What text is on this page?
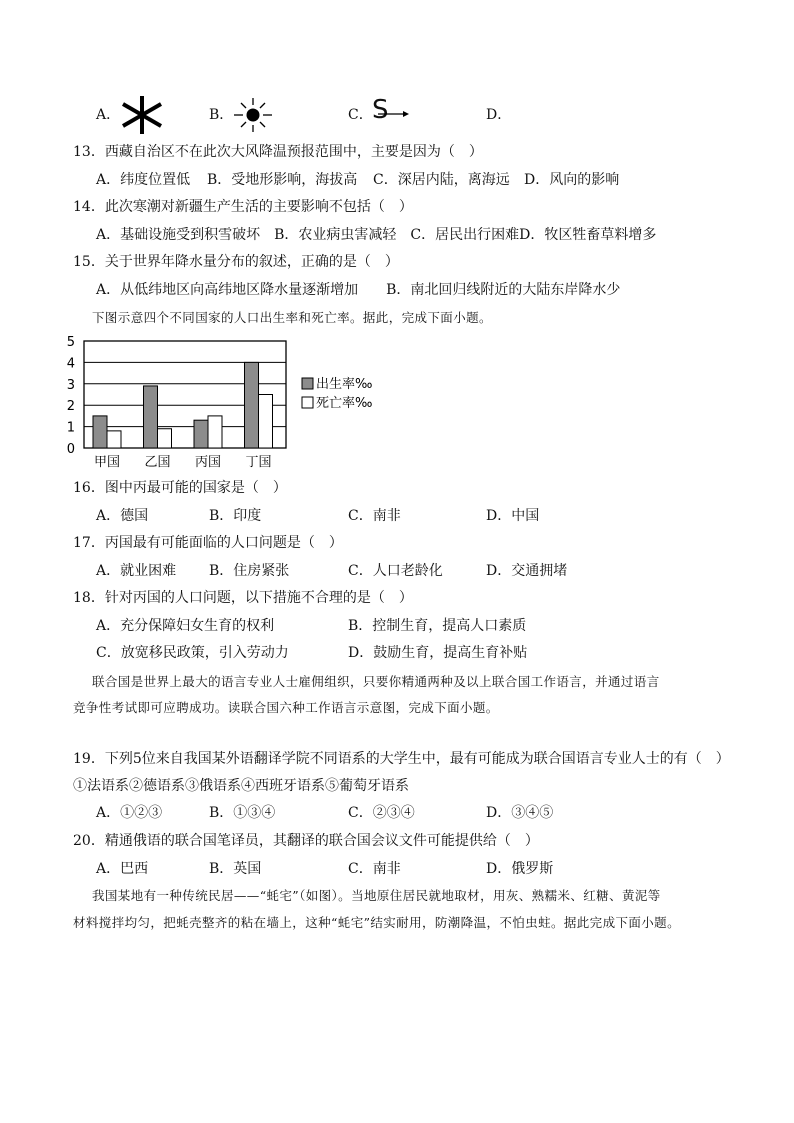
A．	B．	C． S	D．
13．西藏自治区不在此次大风降温预报范围中，主要是因为（　）
A．纬度位置低 B．受地形影响，海拔高 C．深居内陆，离海远 D．风向的影响
14．此次寒潮对新疆生产生活的主要影响不包括（　）
A．基础设施受到积雪破坏　B．农业病虫害减轻　C．居民出行困难D．牧区牲畜草料增多
15．关于世界年降水量分布的叙述，正确的是（　）
A．从低纬地区向高纬地区降水量逐渐增加　　B．南北回归线附近的大陆东岸降水少
下图示意四个不同国家的人口出生率和死亡率。据此，完成下面小题。
0
1
2
3
4
5
甲国 乙国 丙国 丁国
出生率‰
死亡率‰
16．图中丙最可能的国家是（　）
A．德国	B．印度	C．南非	D．中国
17．丙国最有可能面临的人口问题是（　）
A．就业困难 B．住房紧张	C．人口老龄化	D．交通拥堵
18．针对丙国的人口问题，以下措施不合理的是（　）
A．充分保障妇女生育的权利	B．控制生育，提高人口素质
C．放宽移民政策，引入劳动力	D．鼓励生育，提高生育补贴
联合国是世界上最大的语言专业人士雇佣组织，只要你精通两种及以上联合国工作语言，并通过语言
竞争性考试即可应聘成功。读联合国六种工作语言示意图，完成下面小题。
19．下列5位来自我国某外语翻译学院不同语系的大学生中，最有可能成为联合国语言专业人士的有（　）
①法语系②德语系③俄语系④西班牙语系⑤葡萄牙语系
A．①②③	B．①③④	C．②③④	D．③④⑤
20．精通俄语的联合国笔译员，其翻译的联合国会议文件可能提供给（　）
A．巴西	B．英国	C．南非	D．俄罗斯
我国某地有一种传统民居——“蚝宅”（如图）。当地原住居民就地取材，用灰、熟糯米、红糖、黄泥等
材料搅拌均匀，把蚝壳整齐的粘在墙上，这种“蚝宅”结实耐用，防潮降温，不怕虫蛀。据此完成下面小题。
